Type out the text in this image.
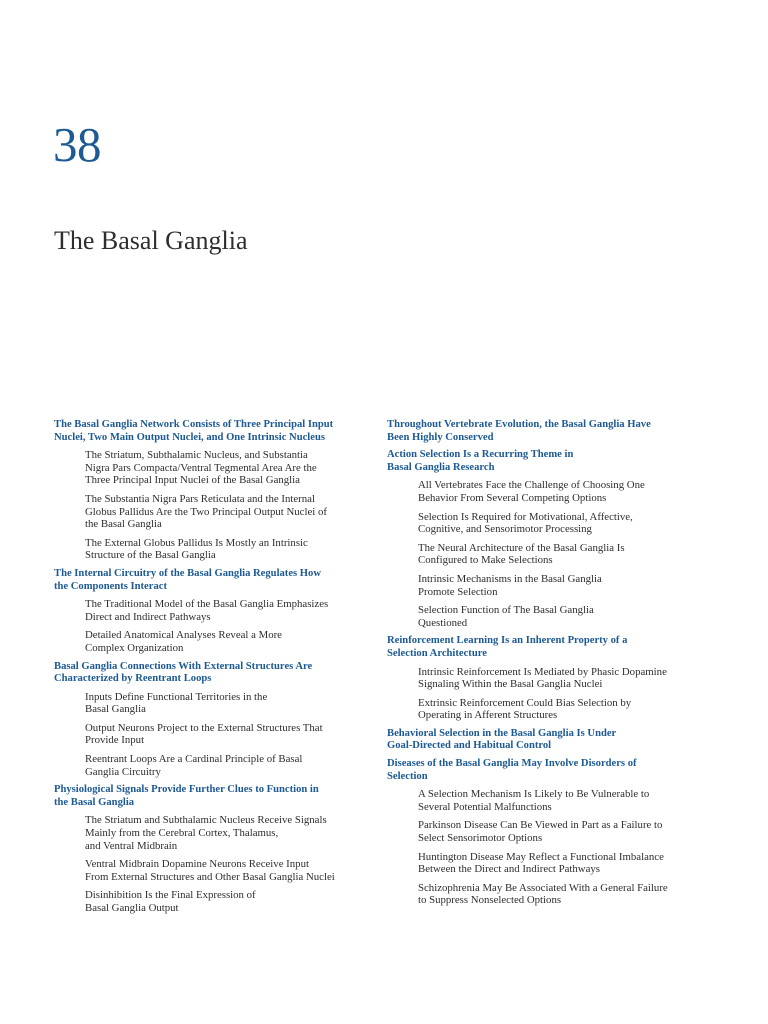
38
The Basal Ganglia
The Basal Ganglia Network Consists of Three Principal Input
Nuclei, Two Main Output Nuclei, and One Intrinsic Nucleus
The Striatum, Subthalamic Nucleus, and Substantia
Nigra Pars Compacta/Ventral Tegmental Area Are the
Three Principal Input Nuclei of the Basal Ganglia
The Substantia Nigra Pars Reticulata and the Internal
Globus Pallidus Are the Two Principal Output Nuclei of
the Basal Ganglia
The External Globus Pallidus Is Mostly an Intrinsic
Structure of the Basal Ganglia
The Internal Circuitry of the Basal Ganglia Regulates How
the Components Interact
The Traditional Model of the Basal Ganglia Emphasizes
Direct and Indirect Pathways
Detailed Anatomical Analyses Reveal a More
Complex Organization
Basal Ganglia Connections With External Structures Are
Characterized by Reentrant Loops
Inputs Define Functional Territories in the
Basal Ganglia
Output Neurons Project to the External Structures That
Provide Input
Reentrant Loops Are a Cardinal Principle of Basal
Ganglia Circuitry
Physiological Signals Provide Further Clues to Function in
the Basal Ganglia
The Striatum and Subthalamic Nucleus Receive Signals
Mainly from the Cerebral Cortex, Thalamus,
and Ventral Midbrain
Ventral Midbrain Dopamine Neurons Receive Input
From External Structures and Other Basal Ganglia Nuclei
Disinhibition Is the Final Expression of
Basal Ganglia Output
Throughout Vertebrate Evolution, the Basal Ganglia Have
Been Highly Conserved
Action Selection Is a Recurring Theme in
Basal Ganglia Research
All Vertebrates Face the Challenge of Choosing One
Behavior From Several Competing Options
Selection Is Required for Motivational, Affective,
Cognitive, and Sensorimotor Processing
The Neural Architecture of the Basal Ganglia Is
Configured to Make Selections
Intrinsic Mechanisms in the Basal Ganglia
Promote Selection
Selection Function of The Basal Ganglia
Questioned
Reinforcement Learning Is an Inherent Property of a
Selection Architecture
Intrinsic Reinforcement Is Mediated by Phasic Dopamine
Signaling Within the Basal Ganglia Nuclei
Extrinsic Reinforcement Could Bias Selection by
Operating in Afferent Structures
Behavioral Selection in the Basal Ganglia Is Under
Goal-Directed and Habitual Control
Diseases of the Basal Ganglia May Involve Disorders of
Selection
A Selection Mechanism Is Likely to Be Vulnerable to
Several Potential Malfunctions
Parkinson Disease Can Be Viewed in Part as a Failure to
Select Sensorimotor Options
Huntington Disease May Reflect a Functional Imbalance
Between the Direct and Indirect Pathways
Schizophrenia May Be Associated With a General Failure
to Suppress Nonselected Options
